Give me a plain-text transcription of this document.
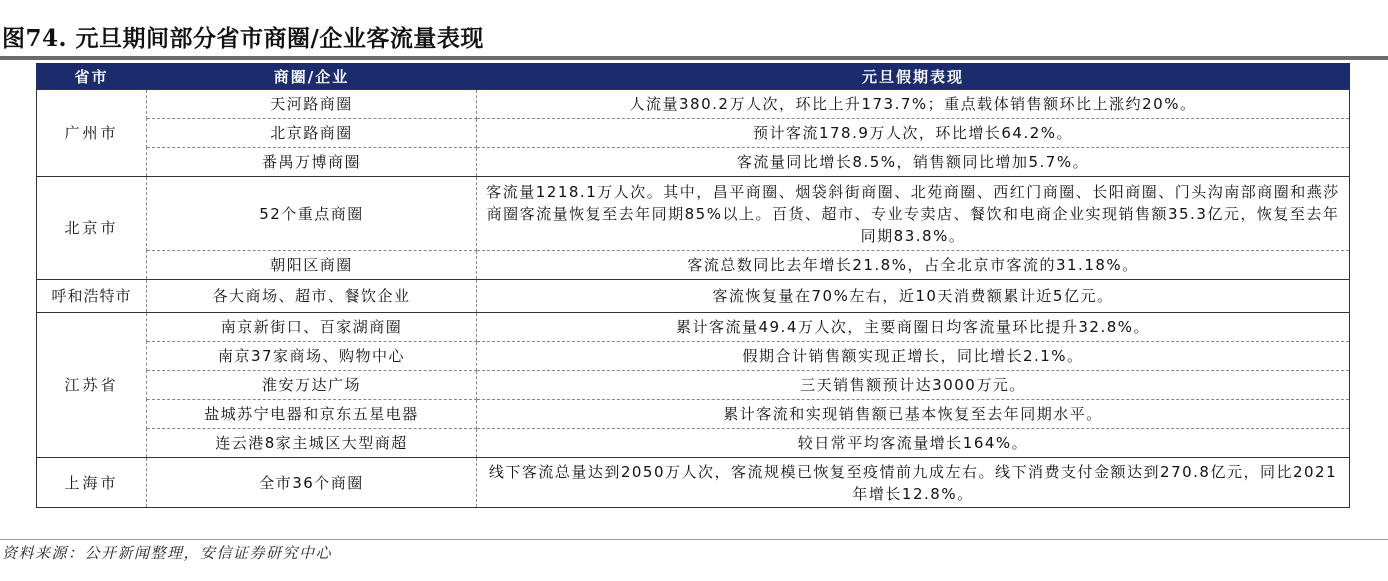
图74. 元旦期间部分省市商圈/企业客流量表现
省市	商圈/企业	元旦假期表现
广州市	天河路商圈	人流量380.2万人次，环比上升173.7%；重点载体销售额环比上涨约20%。
	北京路商圈	预计客流178.9万人次，环比增长64.2%。
	番禺万博商圈	客流量同比增长8.5%，销售额同比增加5.7%。
北京市	52个重点商圈	客流量1218.1万人次。其中，昌平商圈、烟袋斜街商圈、北苑商圈、西红门商圈、长阳商圈、门头沟南部商圈和燕莎商圈客流量恢复至去年同期85%以上。百货、超市、专业专卖店、餐饮和电商企业实现销售额35.3亿元，恢复至去年同期83.8%。
	朝阳区商圈	客流总数同比去年增长21.8%，占全北京市客流的31.18%。
呼和浩特市	各大商场、超市、餐饮企业	客流恢复量在70%左右，近10天消费额累计近5亿元。
江苏省	南京新街口、百家湖商圈	累计客流量49.4万人次，主要商圈日均客流量环比提升32.8%。
	南京37家商场、购物中心	假期合计销售额实现正增长，同比增长2.1%。
	淮安万达广场	三天销售额预计达3000万元。
	盐城苏宁电器和京东五星电器	累计客流和实现销售额已基本恢复至去年同期水平。
	连云港8家主城区大型商超	较日常平均客流量增长164%。
上海市	全市36个商圈	线下客流总量达到2050万人次，客流规模已恢复至疫情前九成左右。线下消费支付金额达到270.8亿元，同比2021年增长12.8%。
资料来源：公开新闻整理，安信证券研究中心
